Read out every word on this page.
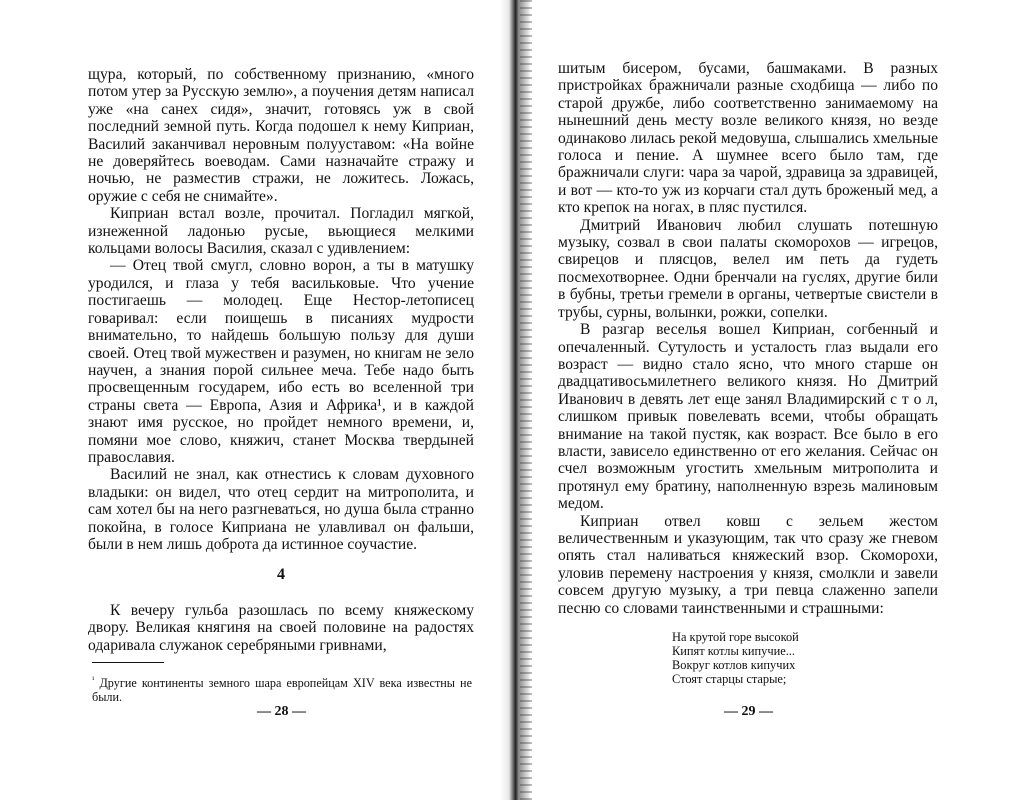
щура, который, по собственному признанию, «много потом утер за Русскую землю», а поучения детям написал уже «на санех сидя», значит, готовясь уж в свой последний земной путь. Когда подошел к нему Киприан, Василий заканчивал неровным полууставом: «На войне не доверяйтесь воеводам. Сами назначайте стражу и ночью, не разместив стражи, не ложитесь. Ложась, оружие с себя не снимайте».

Киприан встал возле, прочитал. Погладил мягкой, изнеженной ладонью русые, вьющиеся мелкими кольцами волосы Василия, сказал с удивлением:

— Отец твой смугл, словно ворон, а ты в матушку уродился, и глаза у тебя васильковые. Что учение постигаешь — молодец. Еще Нестор-летописец говаривал: если поищешь в писаниях мудрости внимательно, то найдешь большую пользу для души своей. Отец твой мужествен и разумен, но книгам не зело научен, а знания порой сильнее меча. Тебе надо быть просвещенным государем, ибо есть во вселенной три страны света — Европа, Азия и Африка¹, и в каждой знают имя русское, но пройдет немного времени, и, помяни мое слово, княжич, станет Москва твердыней православия.

Василий не знал, как отнестись к словам духовного владыки: он видел, что отец сердит на митрополита, и сам хотел бы на него разгневаться, но душа была странно покойна, в голосе Киприана не улавливал он фальши, были в нем лишь доброта да истинное соучастие.

4

К вечеру гульба разошлась по всему княжескому двору. Великая княгиня на своей половине на радостях одаривала служанок серебряными гривнами,

$^{^1}$ Другие континенты земного шара европейцам XIV века известны не были.
— 28 —

шитым бисером, бусами, башмаками. В разных пристройках бражничали разные сходбища — либо по старой дружбе, либо соответственно занимаемому на нынешний день месту возле великого князя, но везде одинаково лилась рекой медовуша, слышались хмельные голоса и пение. А шумнее всего было там, где бражничали слуги: чара за чарой, здравица за здравицей, и вот — кто-то уж из корчаги стал дуть броженый мед, а кто крепок на ногах, в пляс пустился.

Дмитрий Иванович любил слушать потешную музыку, созвал в свои палаты скоморохов — игрецов, свирецов и плясцов, велел им петь да гудеть посмехотворнее. Одни бренчали на гуслях, другие били в бубны, третьи гремели в органы, четвертые свистели в трубы, сурны, волынки, рожки, сопелки.

В разгар веселья вошел Киприан, согбенный и опечаленный. Сутулость и усталость глаз выдали его возраст — видно стало ясно, что много старше он двадцативосьмилетнего великого князя. Но Дмитрий Иванович в девять лет еще занял Владимирский с т о л, слишком привык повелевать всеми, чтобы обращать внимание на такой пустяк, как возраст. Все было в его власти, зависело единственно от его желания. Сейчас он счел возможным угостить хмельным митрополита и протянул ему братину, наполненную взрезь малиновым медом.

Киприан отвел ковш с зельем жестом величественным и указующим, так что сразу же гневом опять стал наливаться княжеский взор. Скоморохи, уловив перемену настроения у князя, смолкли и завели совсем другую музыку, а три певца слаженно запели песню со словами таинственными и страшными:

На крутой горе высокой
Кипят котлы кипучие...
Вокруг котлов кипучих
Стоят старцы старые;
— 29 —
